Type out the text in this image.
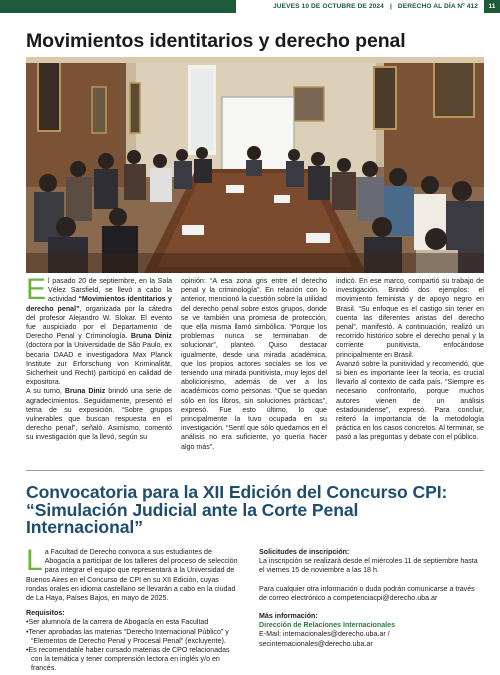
JUEVES 10 DE OCTUBRE DE 2024 | DERECHO AL DÍA Nº 412	11
Movimientos identitarios y derecho penal
E l pasado 20 de septiembre, en la Sala Vélez Sarsfield, se llevó a cabo la actividad “Movimientos identitarios y derecho penal”, organizada por la cátedra del profesor Alejandro W. Slokar. El evento fue auspiciado por el Departamento de Derecho Penal y Criminología. Bruna Diniz (doctora por la Universidade de São Paulo, ex becaria DAAD e investigadora Max Planck Institute zur Erforschung von Kriminalität, Sicherheit und Recht) participó en calidad de expositora.

A su turno, Bruna Diniz brindó una serie de agradecimientos. Seguidamente, presentó el tema de su exposición. “Sobre grupos vulnerables que buscan respuesta en el derecho penal”, señaló. Asimismo, comentó su investigación que la llevó, según su

opinión: “A esa zona gris entre el derecho penal y la criminología”. En relación con lo anterior, mencionó la cuestión sobre la utilidad del derecho penal sobre estos grupos, donde se ve también una promesa de protección, que ella misma llamó simbólica. “Porque los problemas nunca se terminaban de solucionar”, planteó. Quiso destacar igualmente, desde una mirada académica, que los propios actores sociales se los ve teniendo una mirada punitivista, muy lejos del abolicionismo, además de ver a los académicos como personas. “Que se quedan sólo en los libros, sin soluciones prácticas”, expresó. Fue esto último, lo que principalmente la tuvo ocupada en su investigación. “Sentí que sólo quedarnos en el análisis no era suficiente, yo quería hacer algo más”,

indicó. En ese marco, compartió su trabajo de investigación. Brindó dos ejemplos: el movimiento feminista y de apoyo negro en Brasil. “Su enfoque es el castigo sin tener en cuenta las diferentes aristas del derecho penal”, manifestó. A continuación, realizó un recorrido histórico sobre el derecho penal y la corriente punitivista, enfocándose principalmente en Brasil.

Avanzó sobre la punitividad y recomendó, que si bien es importante leer la teoría, es crucial llevarlo al contexto de cada país. “Siempre es necesario confrontarlo, porque muchos autores vienen de un análisis estadounidense”, expresó. Para concluir, reiteró la importancia de la metodología práctica en los casos concretos. Al terminar, se pasó a las preguntas y debate con el público.

Convocatoria para la XII Edición del Concurso CPI: “Simulación Judicial ante la Corte Penal Internacional”
L a Facultad de Derecho convoca a sus estudiantes de Abogacía a participar de los talleres del proceso de selección para integrar el equipo que representará a la Universidad de Buenos Aires en el Concurso de CPI en su XII Edición, cuyas rondas orales en idioma castellano se llevarán a cabo en la ciudad de La Haya, Países Bajos, en mayo de 2025.

Requisitos:

•Ser alumno/a de la carrera de Abogacía en esta Facultad
•Tener aprobadas las materias “Derecho Internacional Público” y “Elementos de Derecho Penal y Procesal Penal” (excluyente).
•Es recomendable haber cursado materias de CPO relacionadas con la temática y tener comprensión lectora en inglés y/o en francés.

Solicitudes de inscripción:

La inscripción se realizará desde el miércoles 11 de septiembre hasta el viernes 15 de noviembre a las 18 h.

Para cualquier otra información o duda podrán comunicarse a través de correo electrónico a competenciacpi@derecho.uba.ar

Más información:

Dirección de Relaciones Internacionales

E-Mail: internacionales@derecho.uba.ar / secinternacionales@derecho.uba.ar
